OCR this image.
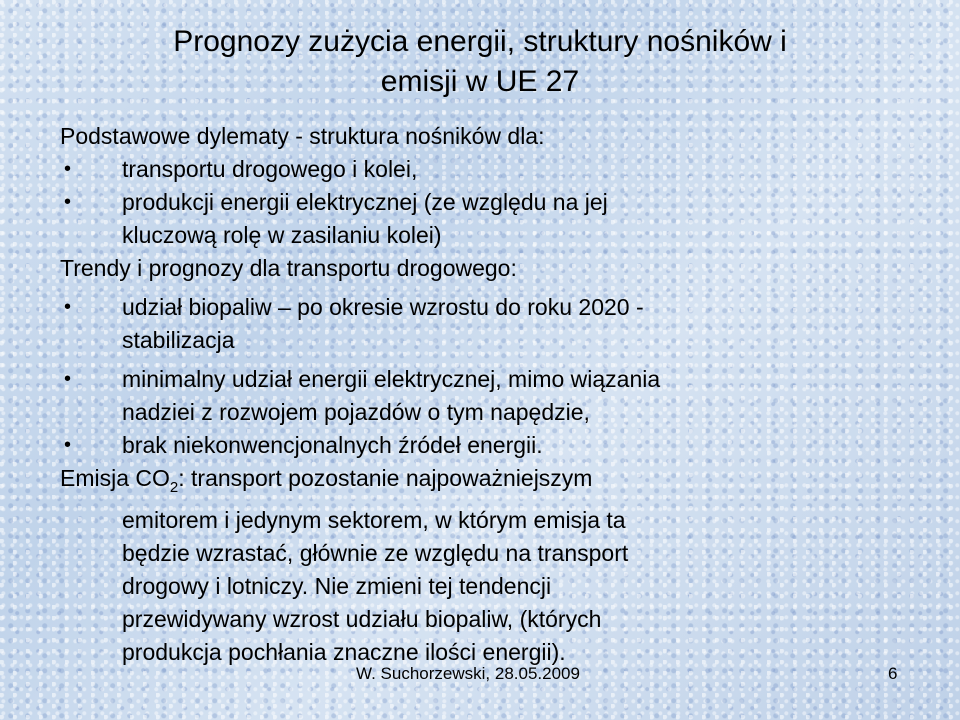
Prognozy zużycia energii, struktury nośników i
emisji w UE 27
Podstawowe dylematy - struktura nośników dla:
• transportu drogowego i kolei,
• produkcji energii elektrycznej (ze względu na jej
kluczową rolę w zasilaniu kolei)
Trendy i prognozy dla transportu drogowego:
• udział biopaliw – po okresie wzrostu do roku 2020 -
stabilizacja
• minimalny udział energii elektrycznej, mimo wiązania
nadziei z rozwojem pojazdów o tym napędzie,
• brak niekonwencjonalnych źródeł energii.
Emisja $CO_2$: transport pozostanie najpoważniejszym
emitorem i jedynym sektorem, w którym emisja ta
będzie wzrastać, głównie ze względu na transport
drogowy i lotniczy. Nie zmieni tej tendencji
przewidywany wzrost udziału biopaliw, (których
produkcja pochłania znaczne ilości energii).
W. Suchorzewski, 28.05.2009	6
